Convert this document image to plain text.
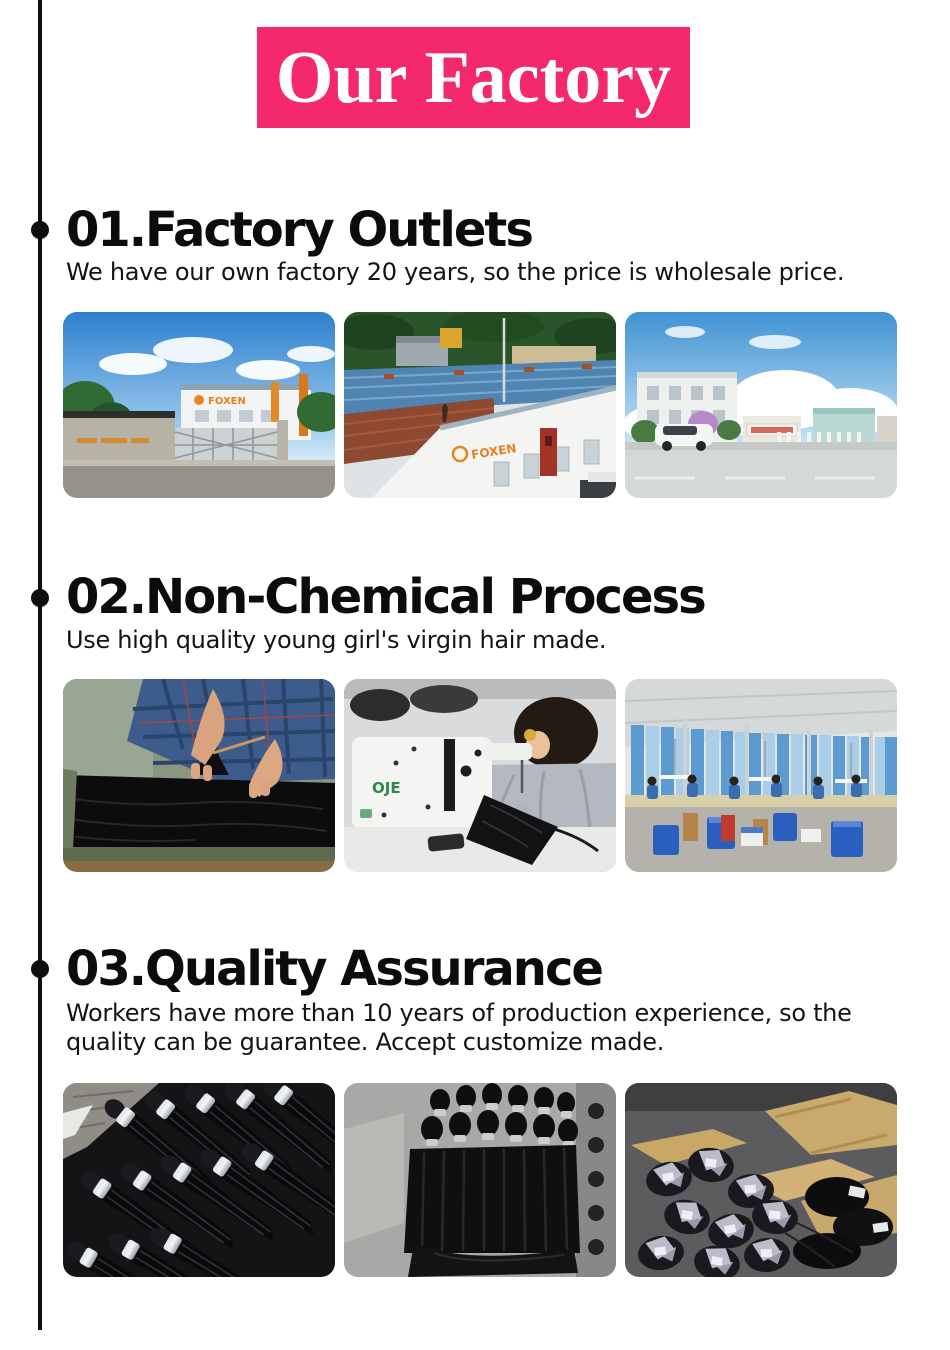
Our Factory
01.Factory Outlets

We have our own factory 20 years, so the price is wholesale price.

FOXEN
FOXEN
02.Non-Chemical Process

Use high quality young girl's virgin hair made.

OJE
03.Quality Assurance

Workers have more than 10 years of production experience, so the quality can be guarantee. Accept customize made.
